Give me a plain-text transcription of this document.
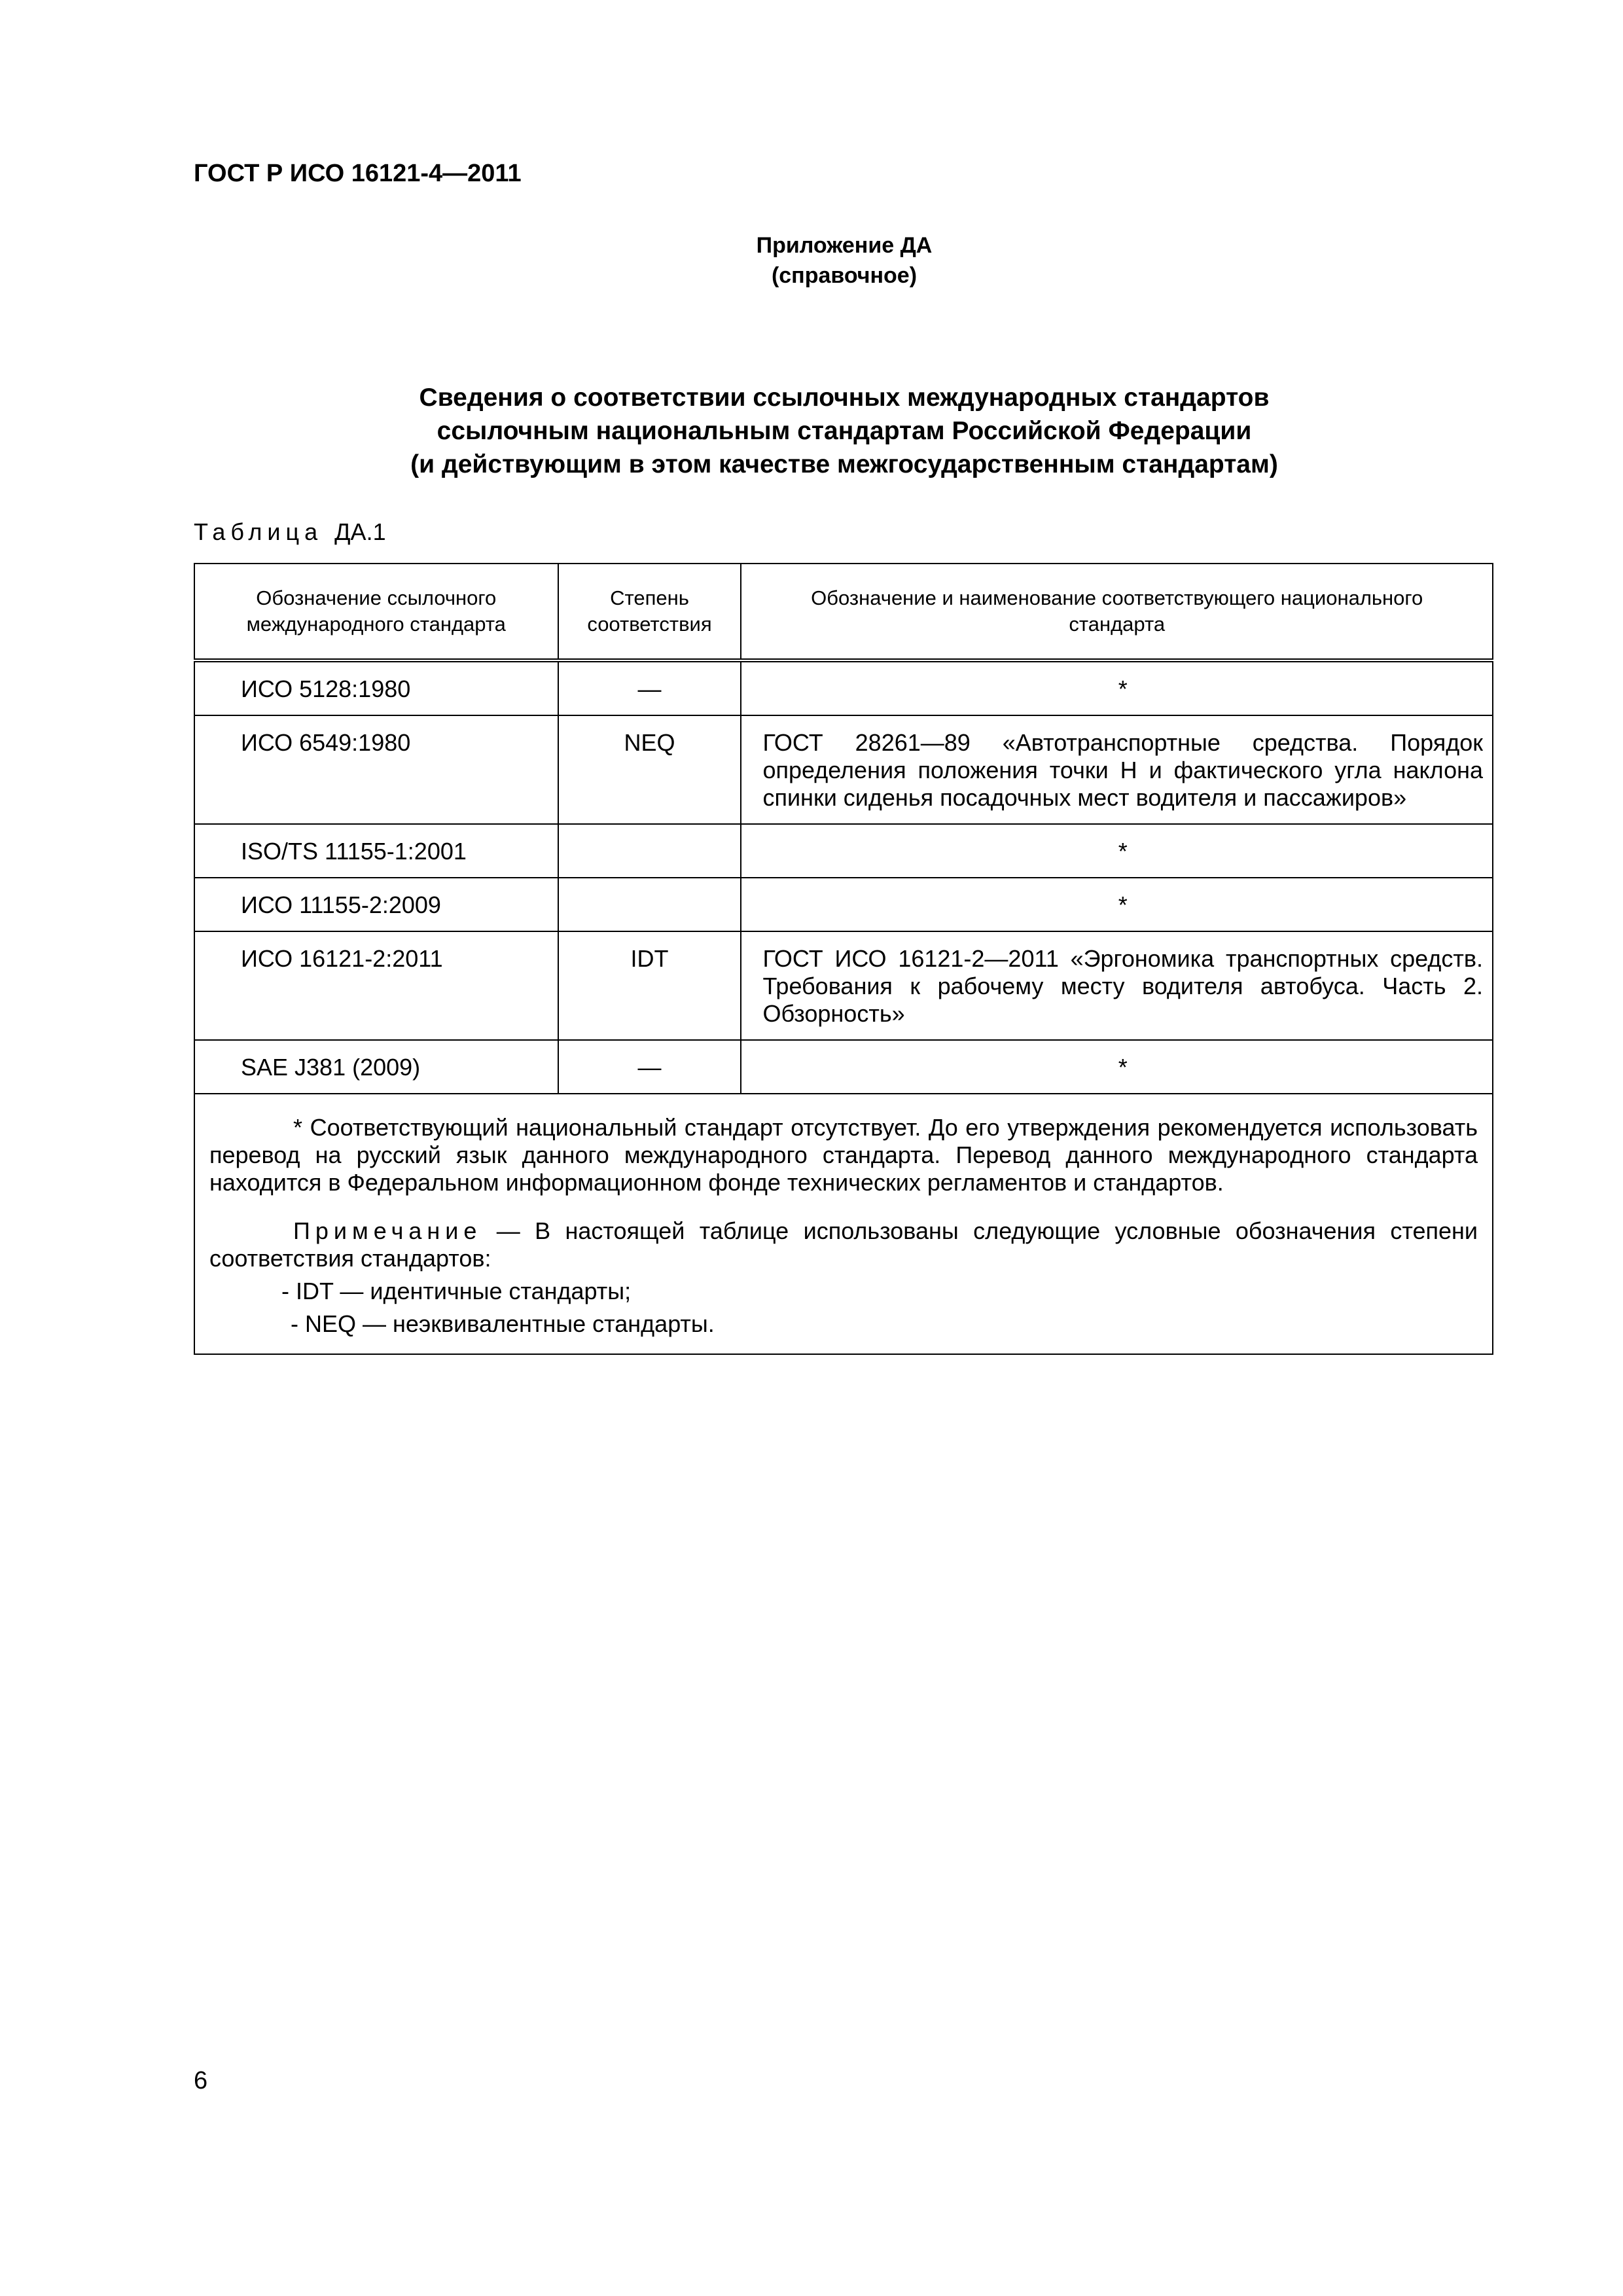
ГОСТ Р ИСО 16121-4—2011
Приложение ДА
(справочное)
Сведения о соответствии ссылочных международных стандартов
ссылочным национальным стандартам Российской Федерации
(и действующим в этом качестве межгосударственным стандартам)
Таблица ДА.1
Обозначение ссылочного международного стандарта	Степень соответствия	Обозначение и наименование соответствующего национального стандарта
ИСО 5128:1980	—	*
ИСО 6549:1980	NEQ	ГОСТ 28261—89 «Автотранспортные средства. Порядок определения положения точки Н и фактического угла наклона спинки сиденья посадочных мест водителя и пассажиров»
ISO/TS 11155-1:2001		*
ИСО 11155-2:2009		*
ИСО 16121-2:2011	IDT	ГОСТ ИСО 16121-2—2011 «Эргономика транспортных средств. Требования к рабочему месту водителя автобуса. Часть 2. Обзорность»
SAE J381 (2009)	—	*

* Соответствующий национальный стандарт отсутствует. До его утверждения рекомендуется использовать перевод на русский язык данного международного стандарта. Перевод данного международного стандарта находится в Федеральном информационном фонде технических регламентов и стандартов.

Примечание — В настоящей таблице использованы следующие условные обозначения степени соответствия стандартов:

- IDT — идентичные стандарты;
- NEQ — неэквивалентные стандарты.		
6
